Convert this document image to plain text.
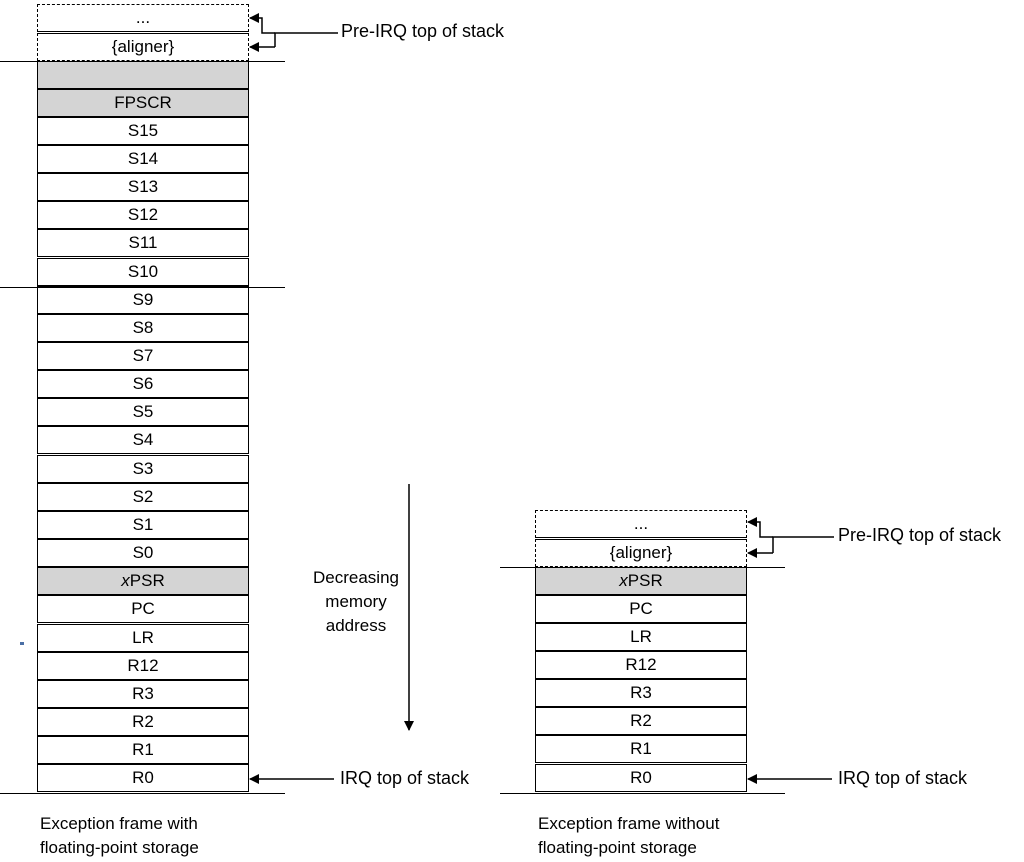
...
{aligner}
FPSCR
S15
S14
S13
S12
S11
S10
S9
S8
S7
S6
S5
S4
S3
S2
S1
S0
x PSR
PC
LR
R12
R3
R2
R1
R0
Pre-IRQ top of stack
IRQ top of stack
Exception frame with
floating-point storage
Decreasing
memory
address
...
{aligner}
x PSR
PC
LR
R12
R3
R2
R1
R0
Pre-IRQ top of stack
IRQ top of stack
Exception frame without
floating-point storage
